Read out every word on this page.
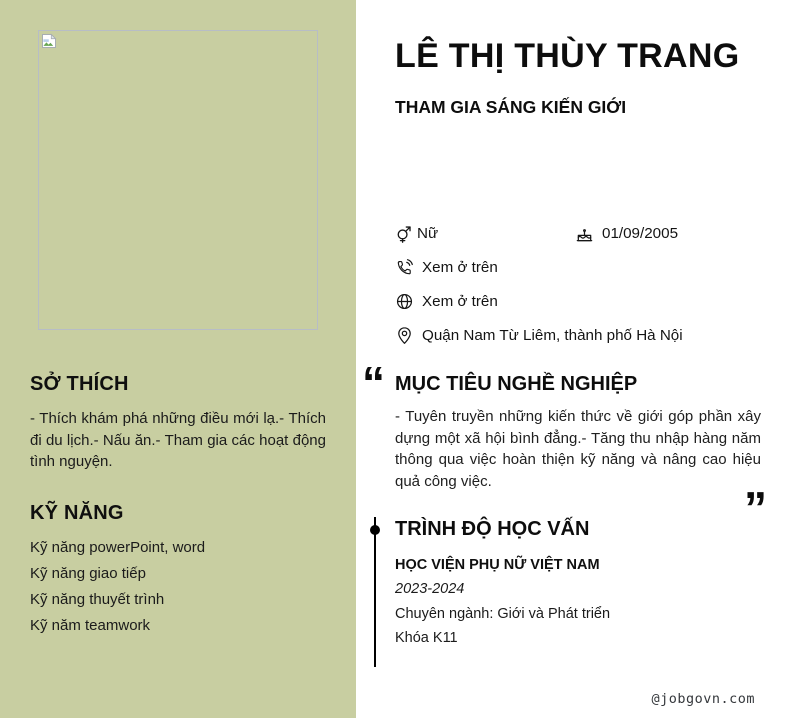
SỞ THÍCH

- Thích khám phá những điều mới lạ.- Thích đi du lịch.- Nấu ăn.- Tham gia các hoạt động tình nguyện.

KỸ NĂNG
Kỹ năng powerPoint, word
Kỹ năng giao tiếp
Kỹ năng thuyết trình
Kỹ năm teamwork
LÊ THỊ THÙY TRANG
THAM GIA SÁNG KIẾN GIỚI
Nữ	01/09/2005
Xem ở trên
Xem ở trên
Quận Nam Từ Liêm, thành phố Hà Nội
“ MỤC TIÊU NGHỀ NGHIỆP

- Tuyên truyền những kiến thức về giới góp phần xây dựng một xã hội bình đẳng.- Tăng thu nhập hàng năm thông qua việc hoàn thiện kỹ năng và nâng cao hiệu quả công việc.

”
TRÌNH ĐỘ HỌC VẤN
HỌC VIỆN PHỤ NỮ VIỆT NAM
2023-2024
Chuyên ngành: Giới và Phát triển
Khóa K11
@jobgovn.com
